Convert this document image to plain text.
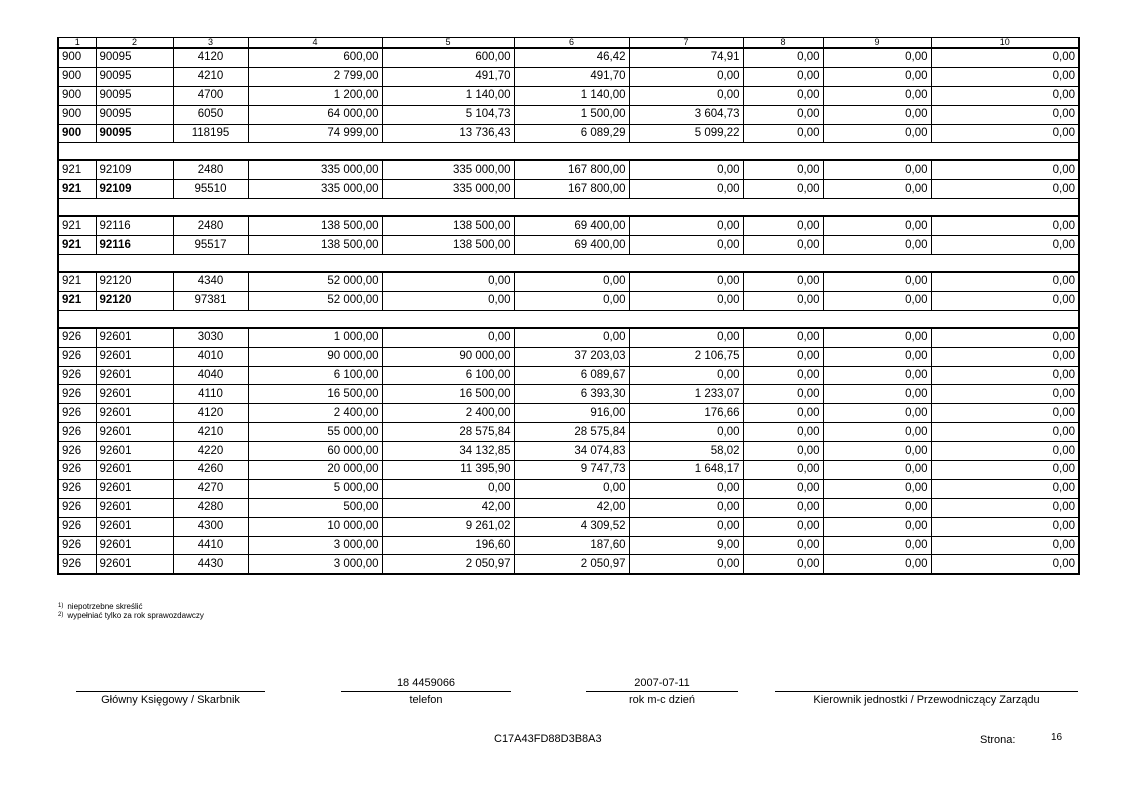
1	2	3	4	5	6	7	8	9	10
900	90095	4120	600,00	600,00	46,42	74,91	0,00	0,00	0,00
900	90095	4210	2 799,00	491,70	491,70	0,00	0,00	0,00	0,00
900	90095	4700	1 200,00	1 140,00	1 140,00	0,00	0,00	0,00	0,00
900	90095	6050	64 000,00	5 104,73	1 500,00	3 604,73	0,00	0,00	0,00
900	90095	118195	74 999,00	13 736,43	6 089,29	5 099,22	0,00	0,00	0,00

921	92109	2480	335 000,00	335 000,00	167 800,00	0,00	0,00	0,00	0,00
921	92109	95510	335 000,00	335 000,00	167 800,00	0,00	0,00	0,00	0,00

921	92116	2480	138 500,00	138 500,00	69 400,00	0,00	0,00	0,00	0,00
921	92116	95517	138 500,00	138 500,00	69 400,00	0,00	0,00	0,00	0,00

921	92120	4340	52 000,00	0,00	0,00	0,00	0,00	0,00	0,00
921	92120	97381	52 000,00	0,00	0,00	0,00	0,00	0,00	0,00

926	92601	3030	1 000,00	0,00	0,00	0,00	0,00	0,00	0,00
926	92601	4010	90 000,00	90 000,00	37 203,03	2 106,75	0,00	0,00	0,00
926	92601	4040	6 100,00	6 100,00	6 089,67	0,00	0,00	0,00	0,00
926	92601	4110	16 500,00	16 500,00	6 393,30	1 233,07	0,00	0,00	0,00
926	92601	4120	2 400,00	2 400,00	916,00	176,66	0,00	0,00	0,00
926	92601	4210	55 000,00	28 575,84	28 575,84	0,00	0,00	0,00	0,00
926	92601	4220	60 000,00	34 132,85	34 074,83	58,02	0,00	0,00	0,00
926	92601	4260	20 000,00	11 395,90	9 747,73	1 648,17	0,00	0,00	0,00
926	92601	4270	5 000,00	0,00	0,00	0,00	0,00	0,00	0,00
926	92601	4280	500,00	42,00	42,00	0,00	0,00	0,00	0,00
926	92601	4300	10 000,00	9 261,02	4 309,52	0,00	0,00	0,00	0,00
926	92601	4410	3 000,00	196,60	187,60	9,00	0,00	0,00	0,00
926	92601	4430	3 000,00	2 050,97	2 050,97	0,00	0,00	0,00	0,00
1) niepotrzebne skreślić
2) wypełniać tylko za rok sprawozdawczy
Główny Księgowy / Skarbnik
18 4459066
telefon
2007-07-11
rok m-c dzień	Kierownik jednostki / Przewodniczący Zarządu
C17A43FD88D3B8A3	Strona:	16
